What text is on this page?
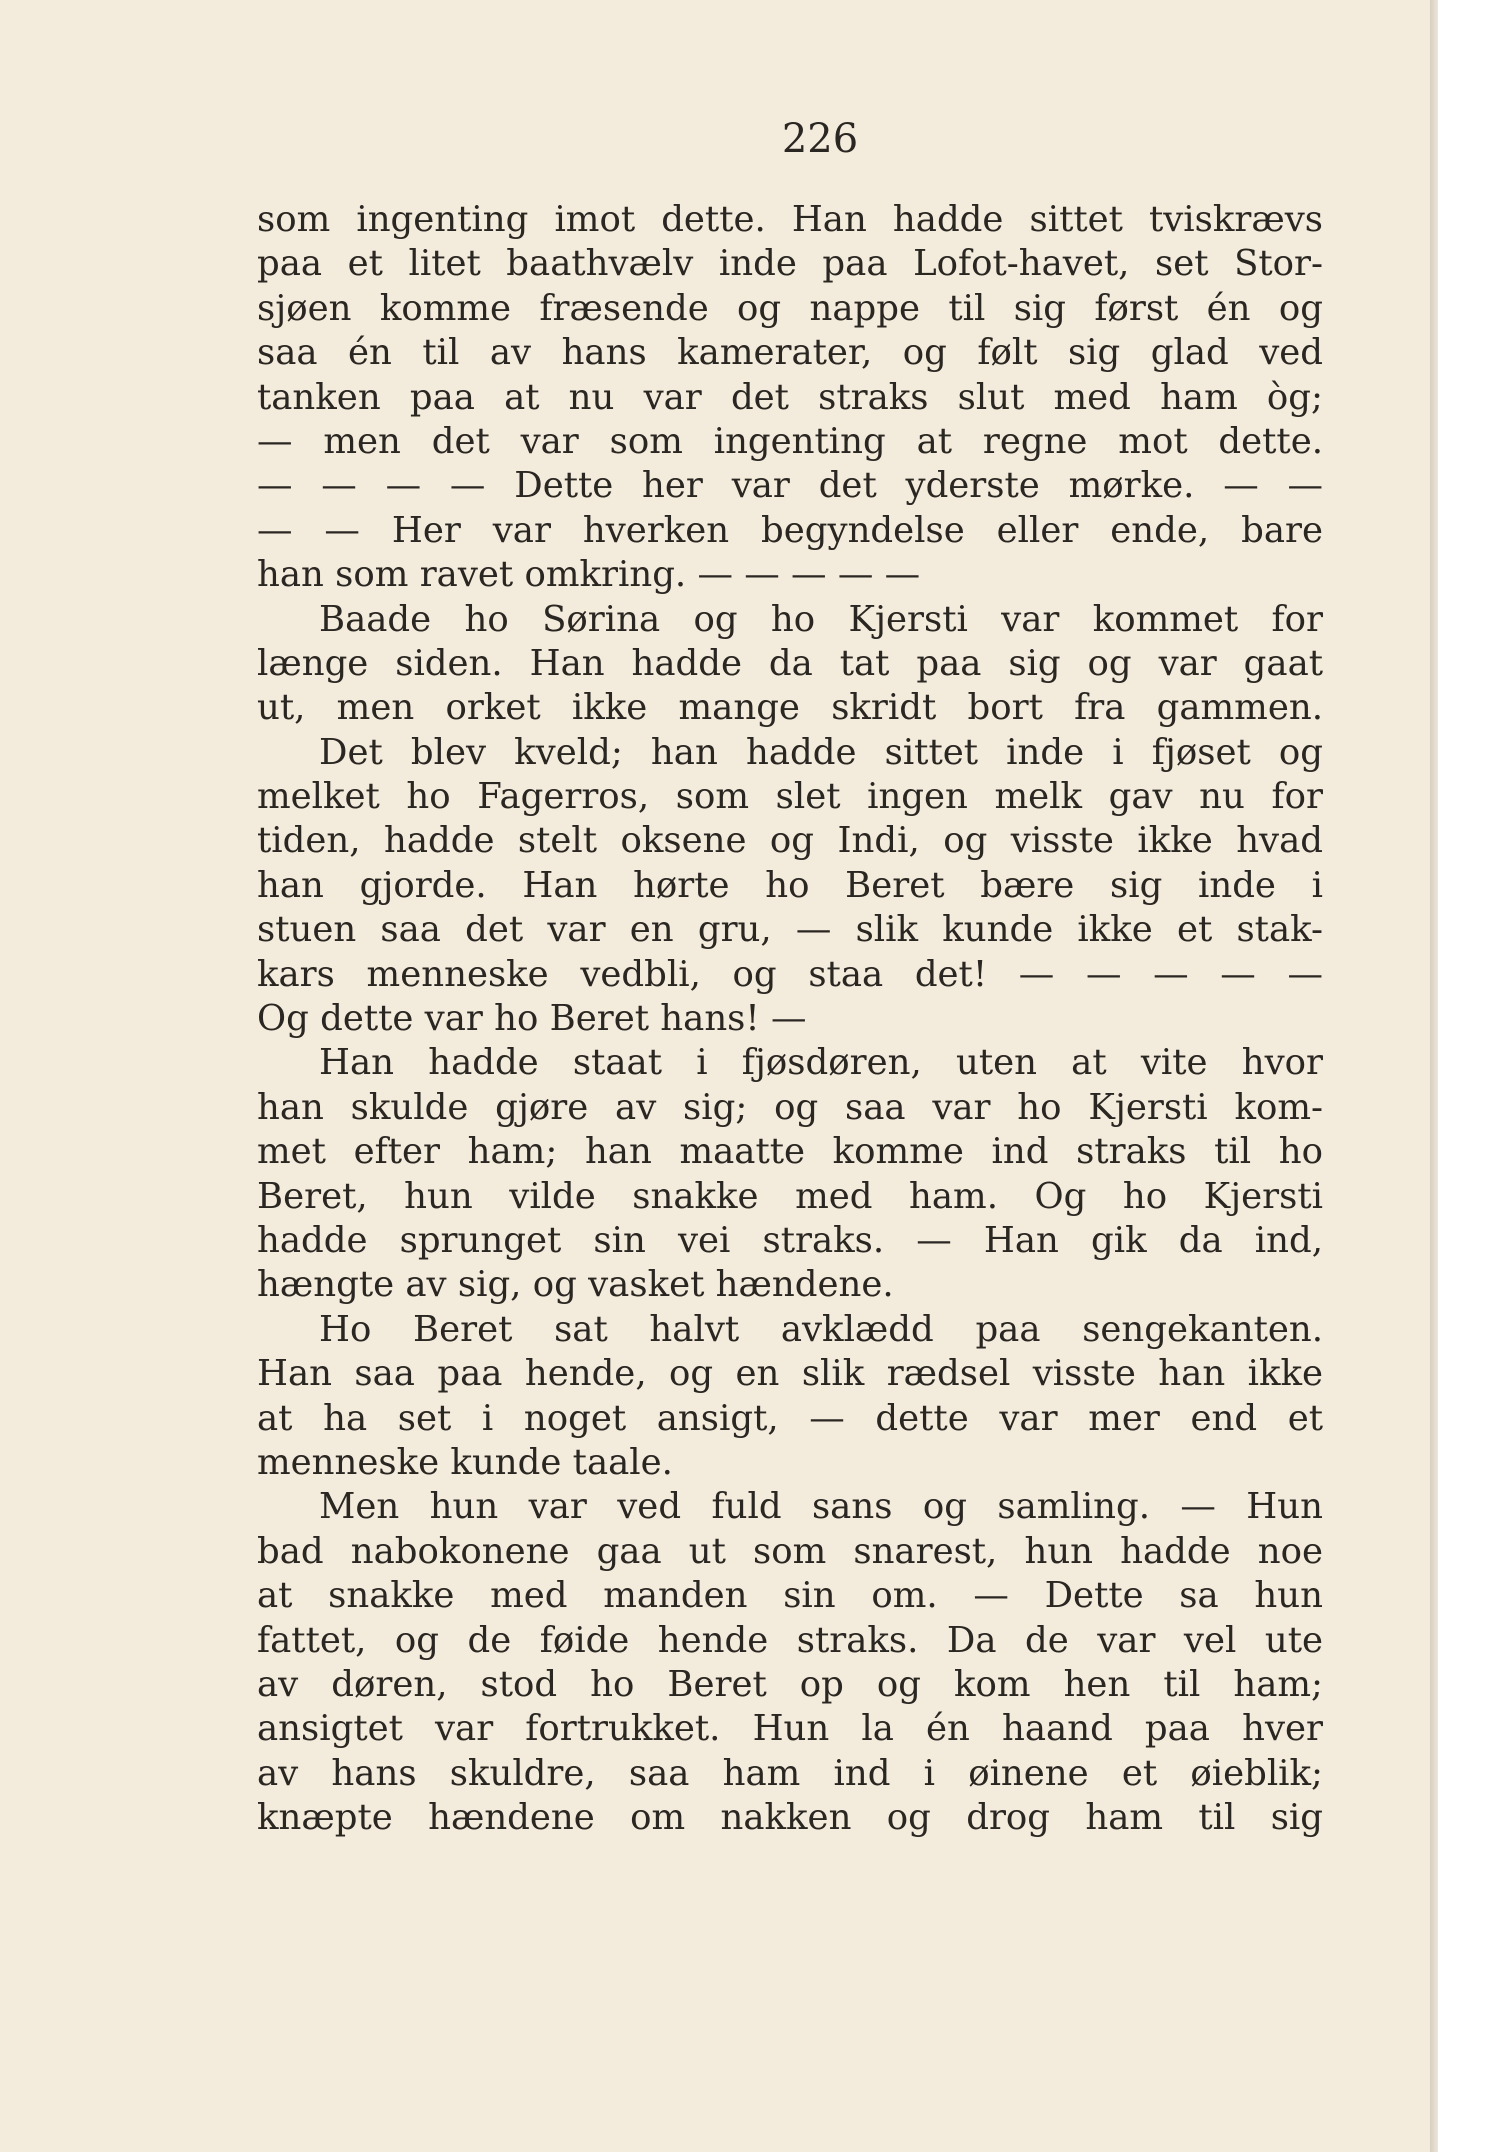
226
som ingenting imot dette. Han hadde sittet tviskrævs
paa et litet baathvælv inde paa Lofot-havet, set Stor-
sjøen komme fræsende og nappe til sig først én og
saa én til av hans kamerater, og følt sig glad ved
tanken paa at nu var det straks slut med ham òg;
— men det var som ingenting at regne mot dette.
— — — — Dette her var det yderste mørke. — —
— — Her var hverken begyndelse eller ende, bare
han som ravet omkring. — — — — —
Baade ho Sørina og ho Kjersti var kommet for
længe siden. Han hadde da tat paa sig og var gaat
ut, men orket ikke mange skridt bort fra gammen.
Det blev kveld; han hadde sittet inde i fjøset og
melket ho Fagerros, som slet ingen melk gav nu for
tiden, hadde stelt oksene og Indi, og visste ikke hvad
han gjorde. Han hørte ho Beret bære sig inde i
stuen saa det var en gru, — slik kunde ikke et stak-
kars menneske vedbli, og staa det! — — — — —
Og dette var ho Beret hans! —
Han hadde staat i fjøsdøren, uten at vite hvor
han skulde gjøre av sig; og saa var ho Kjersti kom-
met efter ham; han maatte komme ind straks til ho
Beret, hun vilde snakke med ham. Og ho Kjersti
hadde sprunget sin vei straks. — Han gik da ind,
hængte av sig, og vasket hændene.
Ho Beret sat halvt avklædd paa sengekanten.
Han saa paa hende, og en slik rædsel visste han ikke
at ha set i noget ansigt, — dette var mer end et
menneske kunde taale.
Men hun var ved fuld sans og samling. — Hun
bad nabokonene gaa ut som snarest, hun hadde noe
at snakke med manden sin om. — Dette sa hun
fattet, og de føide hende straks. Da de var vel ute
av døren, stod ho Beret op og kom hen til ham;
ansigtet var fortrukket. Hun la én haand paa hver
av hans skuldre, saa ham ind i øinene et øieblik;
knæpte hændene om nakken og drog ham til sig
